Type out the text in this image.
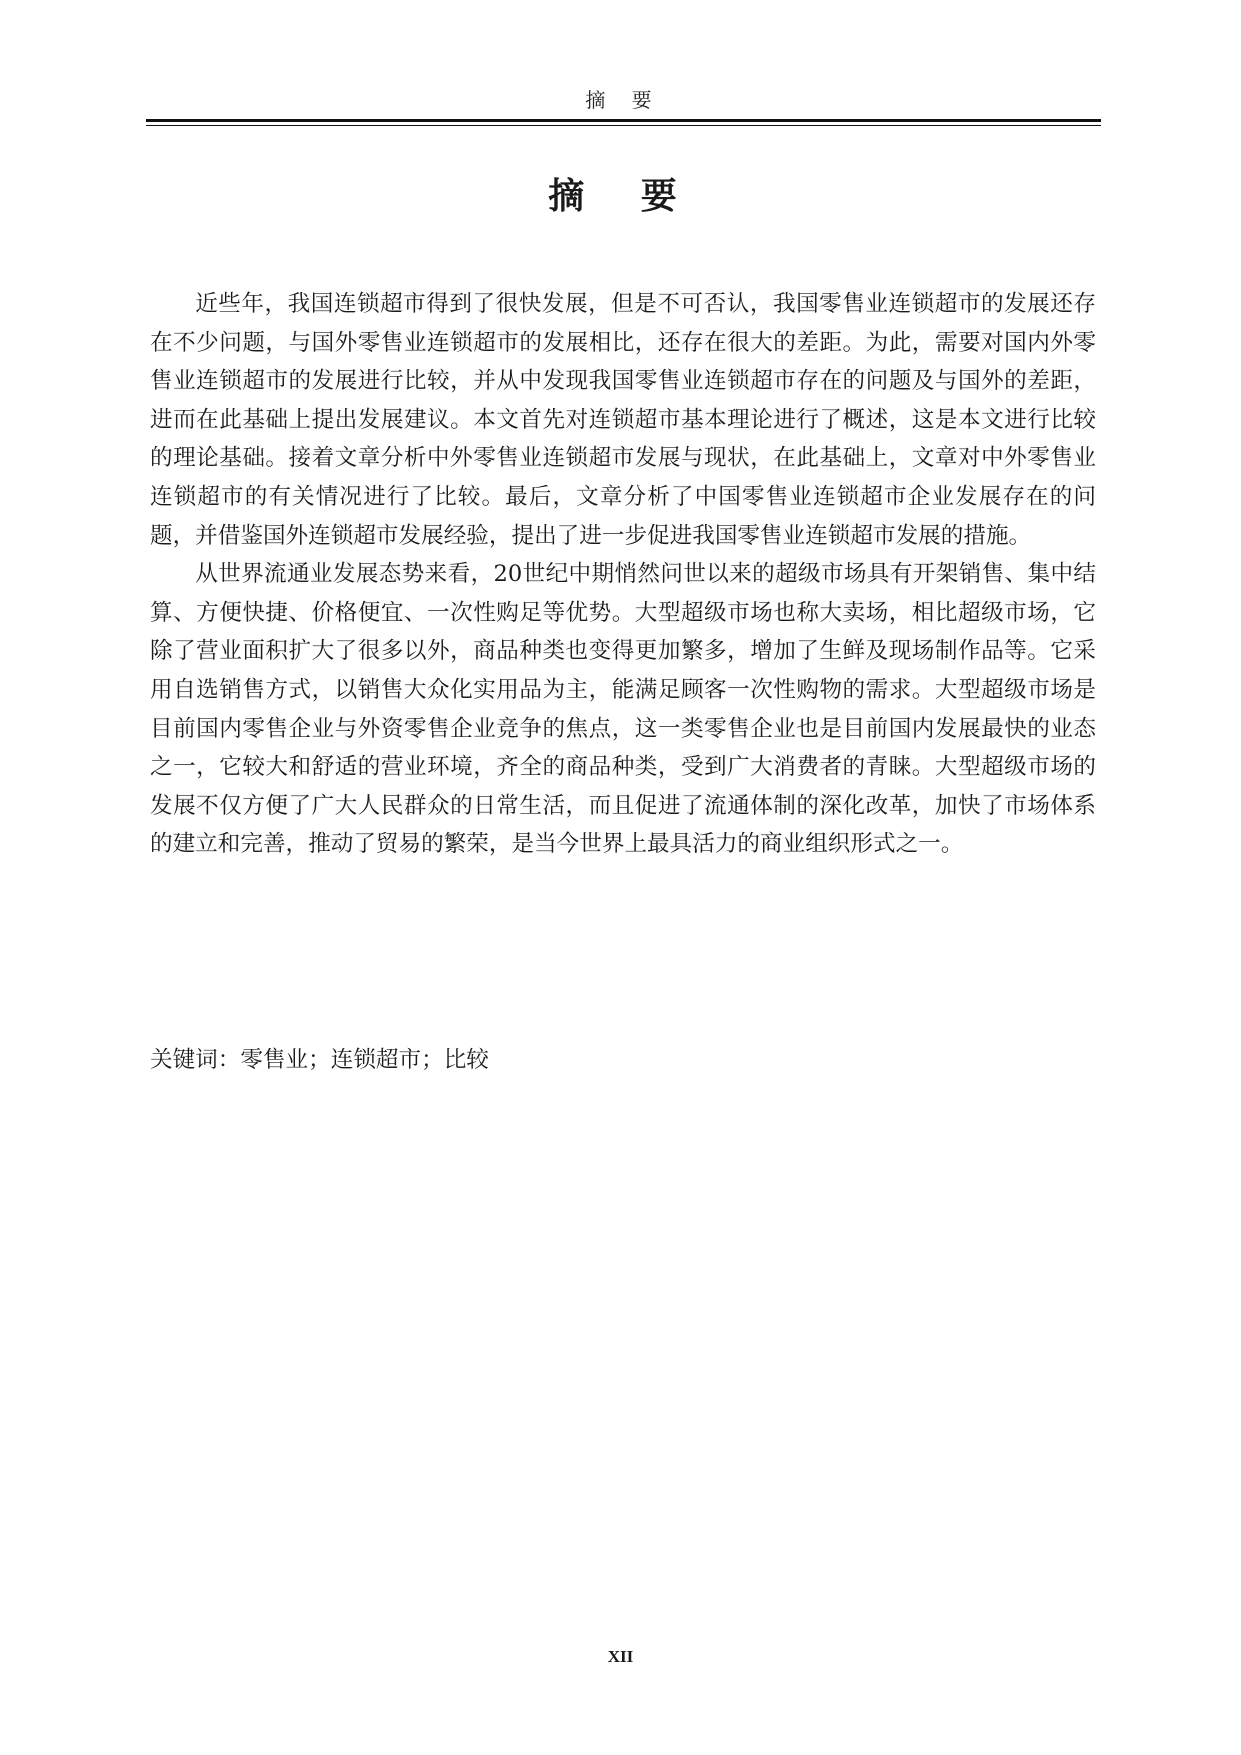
摘 要
摘 要

近些年，我国连锁超市得到了很快发展，但是不可否认，我国零售业连锁超市的发展还存在不少问题，与国外零售业连锁超市的发展相比，还存在很大的差距。为此，需要对国内外零售业连锁超市的发展进行比较，并从中发现我国零售业连锁超市存在的问题及与国外的差距，进而在此基础上提出发展建议。本文首先对连锁超市基本理论进行了概述，这是本文进行比较的理论基础。接着文章分析中外零售业连锁超市发展与现状，在此基础上，文章对中外零售业连锁超市的有关情况进行了比较。最后，文章分析了中国零售业连锁超市企业发展存在的问题，并借鉴国外连锁超市发展经验，提出了进一步促进我国零售业连锁超市发展的措施。

从世界流通业发展态势来看，20世纪中期悄然问世以来的超级市场具有开架销售、集中结算、方便快捷、价格便宜、一次性购足等优势。大型超级市场也称大卖场，相比超级市场，它除了营业面积扩大了很多以外，商品种类也变得更加繁多，增加了生鲜及现场制作品等。它采用自选销售方式，以销售大众化实用品为主，能满足顾客一次性购物的需求。大型超级市场是目前国内零售企业与外资零售企业竞争的焦点，这一类零售企业也是目前国内发展最快的业态之一，它较大和舒适的营业环境，齐全的商品种类，受到广大消费者的青睐。大型超级市场的发展不仅方便了广大人民群众的日常生活，而且促进了流通体制的深化改革，加快了市场体系的建立和完善，推动了贸易的繁荣，是当今世界上最具活力的商业组织形式之一。

关键词：零售业；连锁超市；比较
XII
